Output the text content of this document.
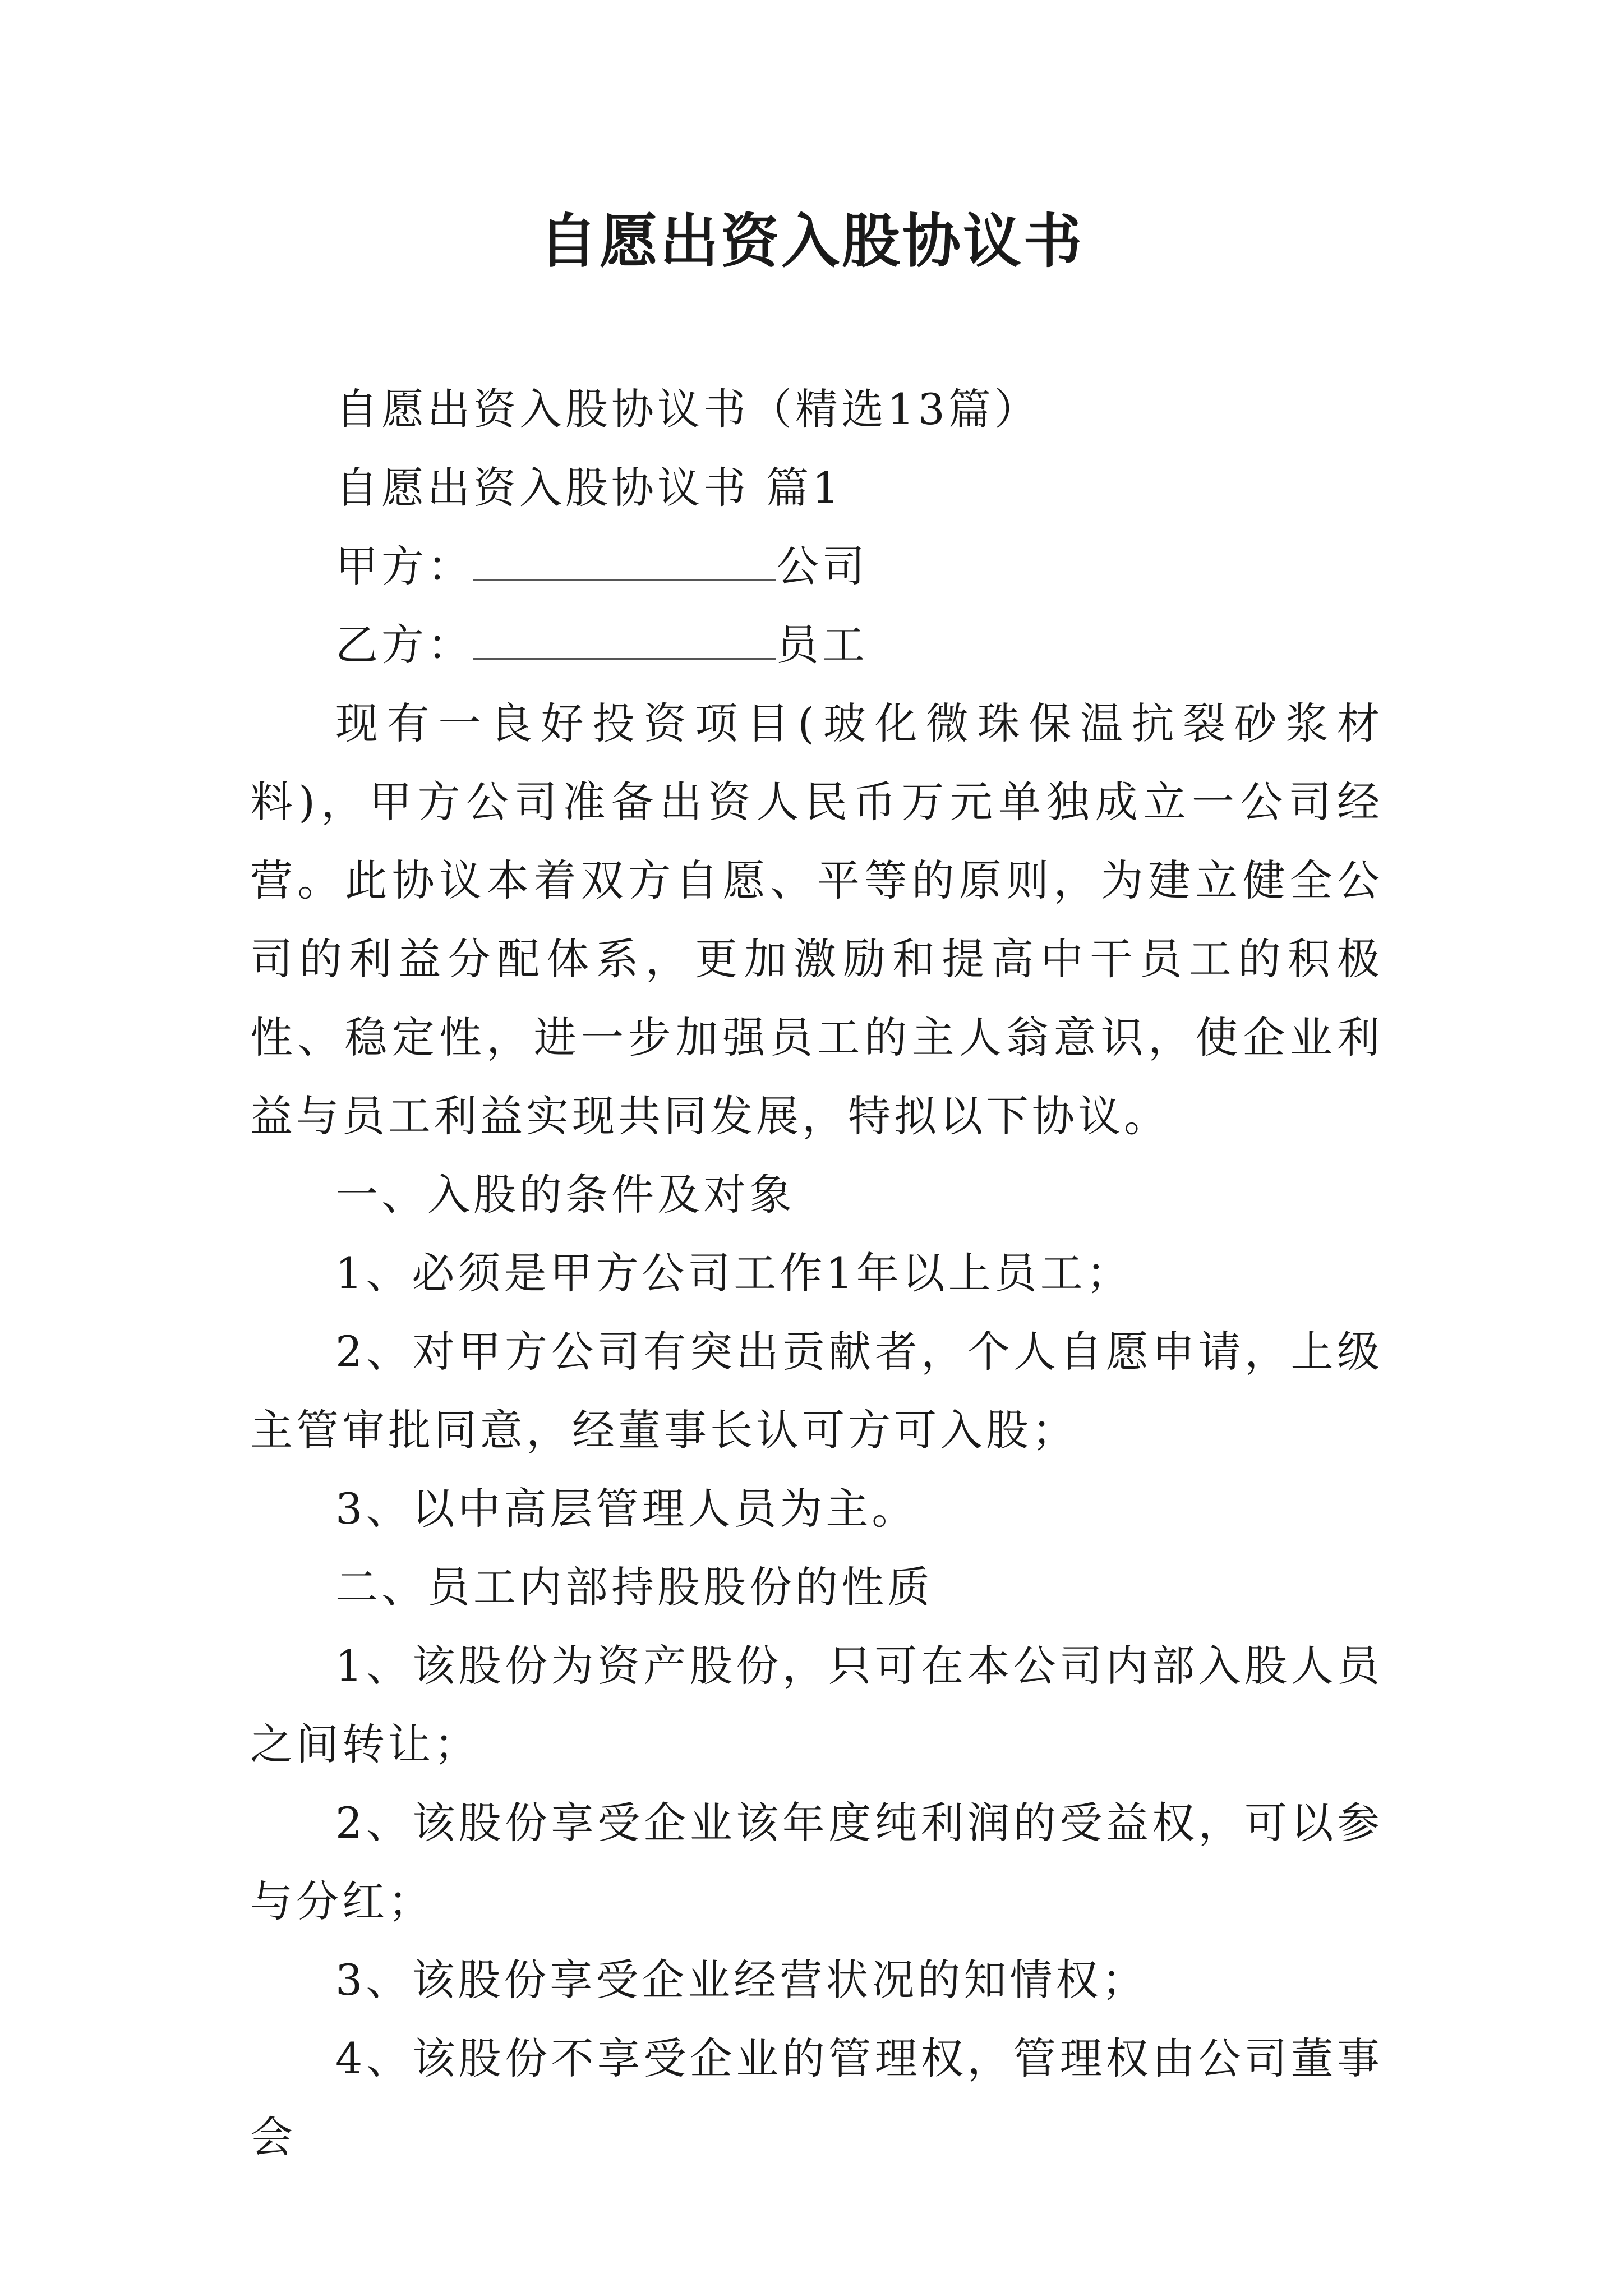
自愿出资入股协议书

自愿出资入股协议书（精选13篇）

自愿出资入股协议书 篇1

甲方：	公司

乙方：	员工

现有一良好投资项目(玻化微珠保温抗裂砂浆材料)，甲方公司准备出资人民币万元单独成立一公司经营。此协议本着双方自愿、平等的原则，为建立健全公司的利益分配体系，更加激励和提高中干员工的积极性、稳定性，进一步加强员工的主人翁意识，使企业利益与员工利益实现共同发展，特拟以下协议。

一、入股的条件及对象

1、必须是甲方公司工作1年以上员工；

2、对甲方公司有突出贡献者，个人自愿申请，上级主管审批同意，经董事长认可方可入股；

3、以中高层管理人员为主。

二、员工内部持股股份的性质

1、该股份为资产股份，只可在本公司内部入股人员之间转让；

2、该股份享受企业该年度纯利润的受益权，可以参与分红；

3、该股份享受企业经营状况的知情权；

4、该股份不享受企业的管理权，管理权由公司董事会
